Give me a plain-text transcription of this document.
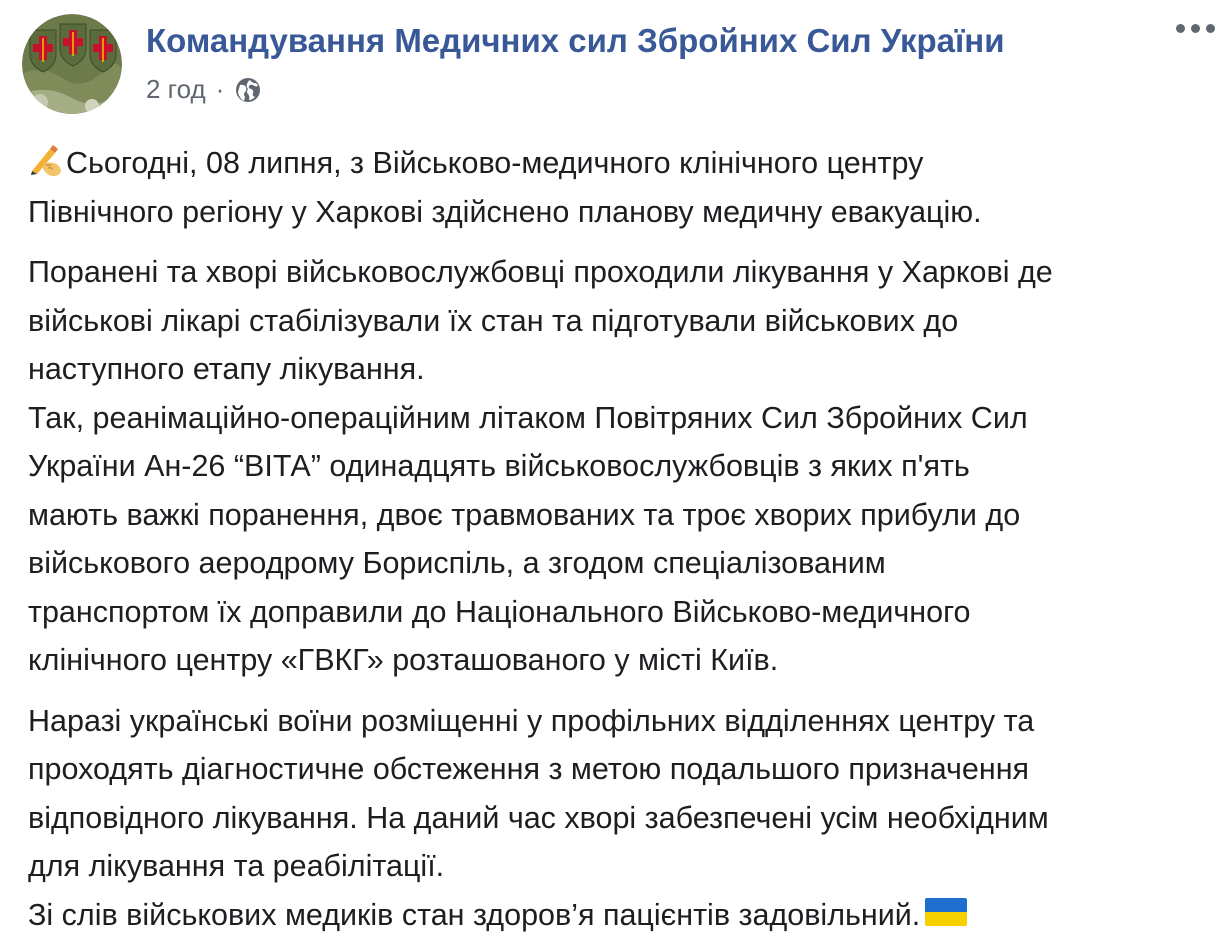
Командування Медичних сил Збройних Сил України
2 год ·

Сьогодні, 08 липня, з Військово-медичного клінічного центру

Північного регіону у Харкові здійснено планову медичну евакуацію.

Поранені та хворі військовослужбовці проходили лікування у Харкові де

військові лікарі стабілізували їх стан та підготували військових до

наступного етапу лікування.

Так, реанімаційно-операційним літаком Повітряних Сил Збройних Сил

України Ан-26 “ВІТА” одинадцять військовослужбовців з яких п'ять

мають важкі поранення, двоє травмованих та троє хворих прибули до

військового аеродрому Бориспіль, а згодом спеціалізованим

транспортом їх доправили до Національного Військово-медичного

клінічного центру «ГВКГ» розташованого у місті Київ.

Наразі українські воїни розміщенні у профільних відділеннях центру та

проходять діагностичне обстеження з метою подальшого призначення

відповідного лікування. На даний час хворі забезпечені усім необхідним

для лікування та реабілітації.

Зі слів військових медиків стан здоров’я пацієнтів задовільний.
